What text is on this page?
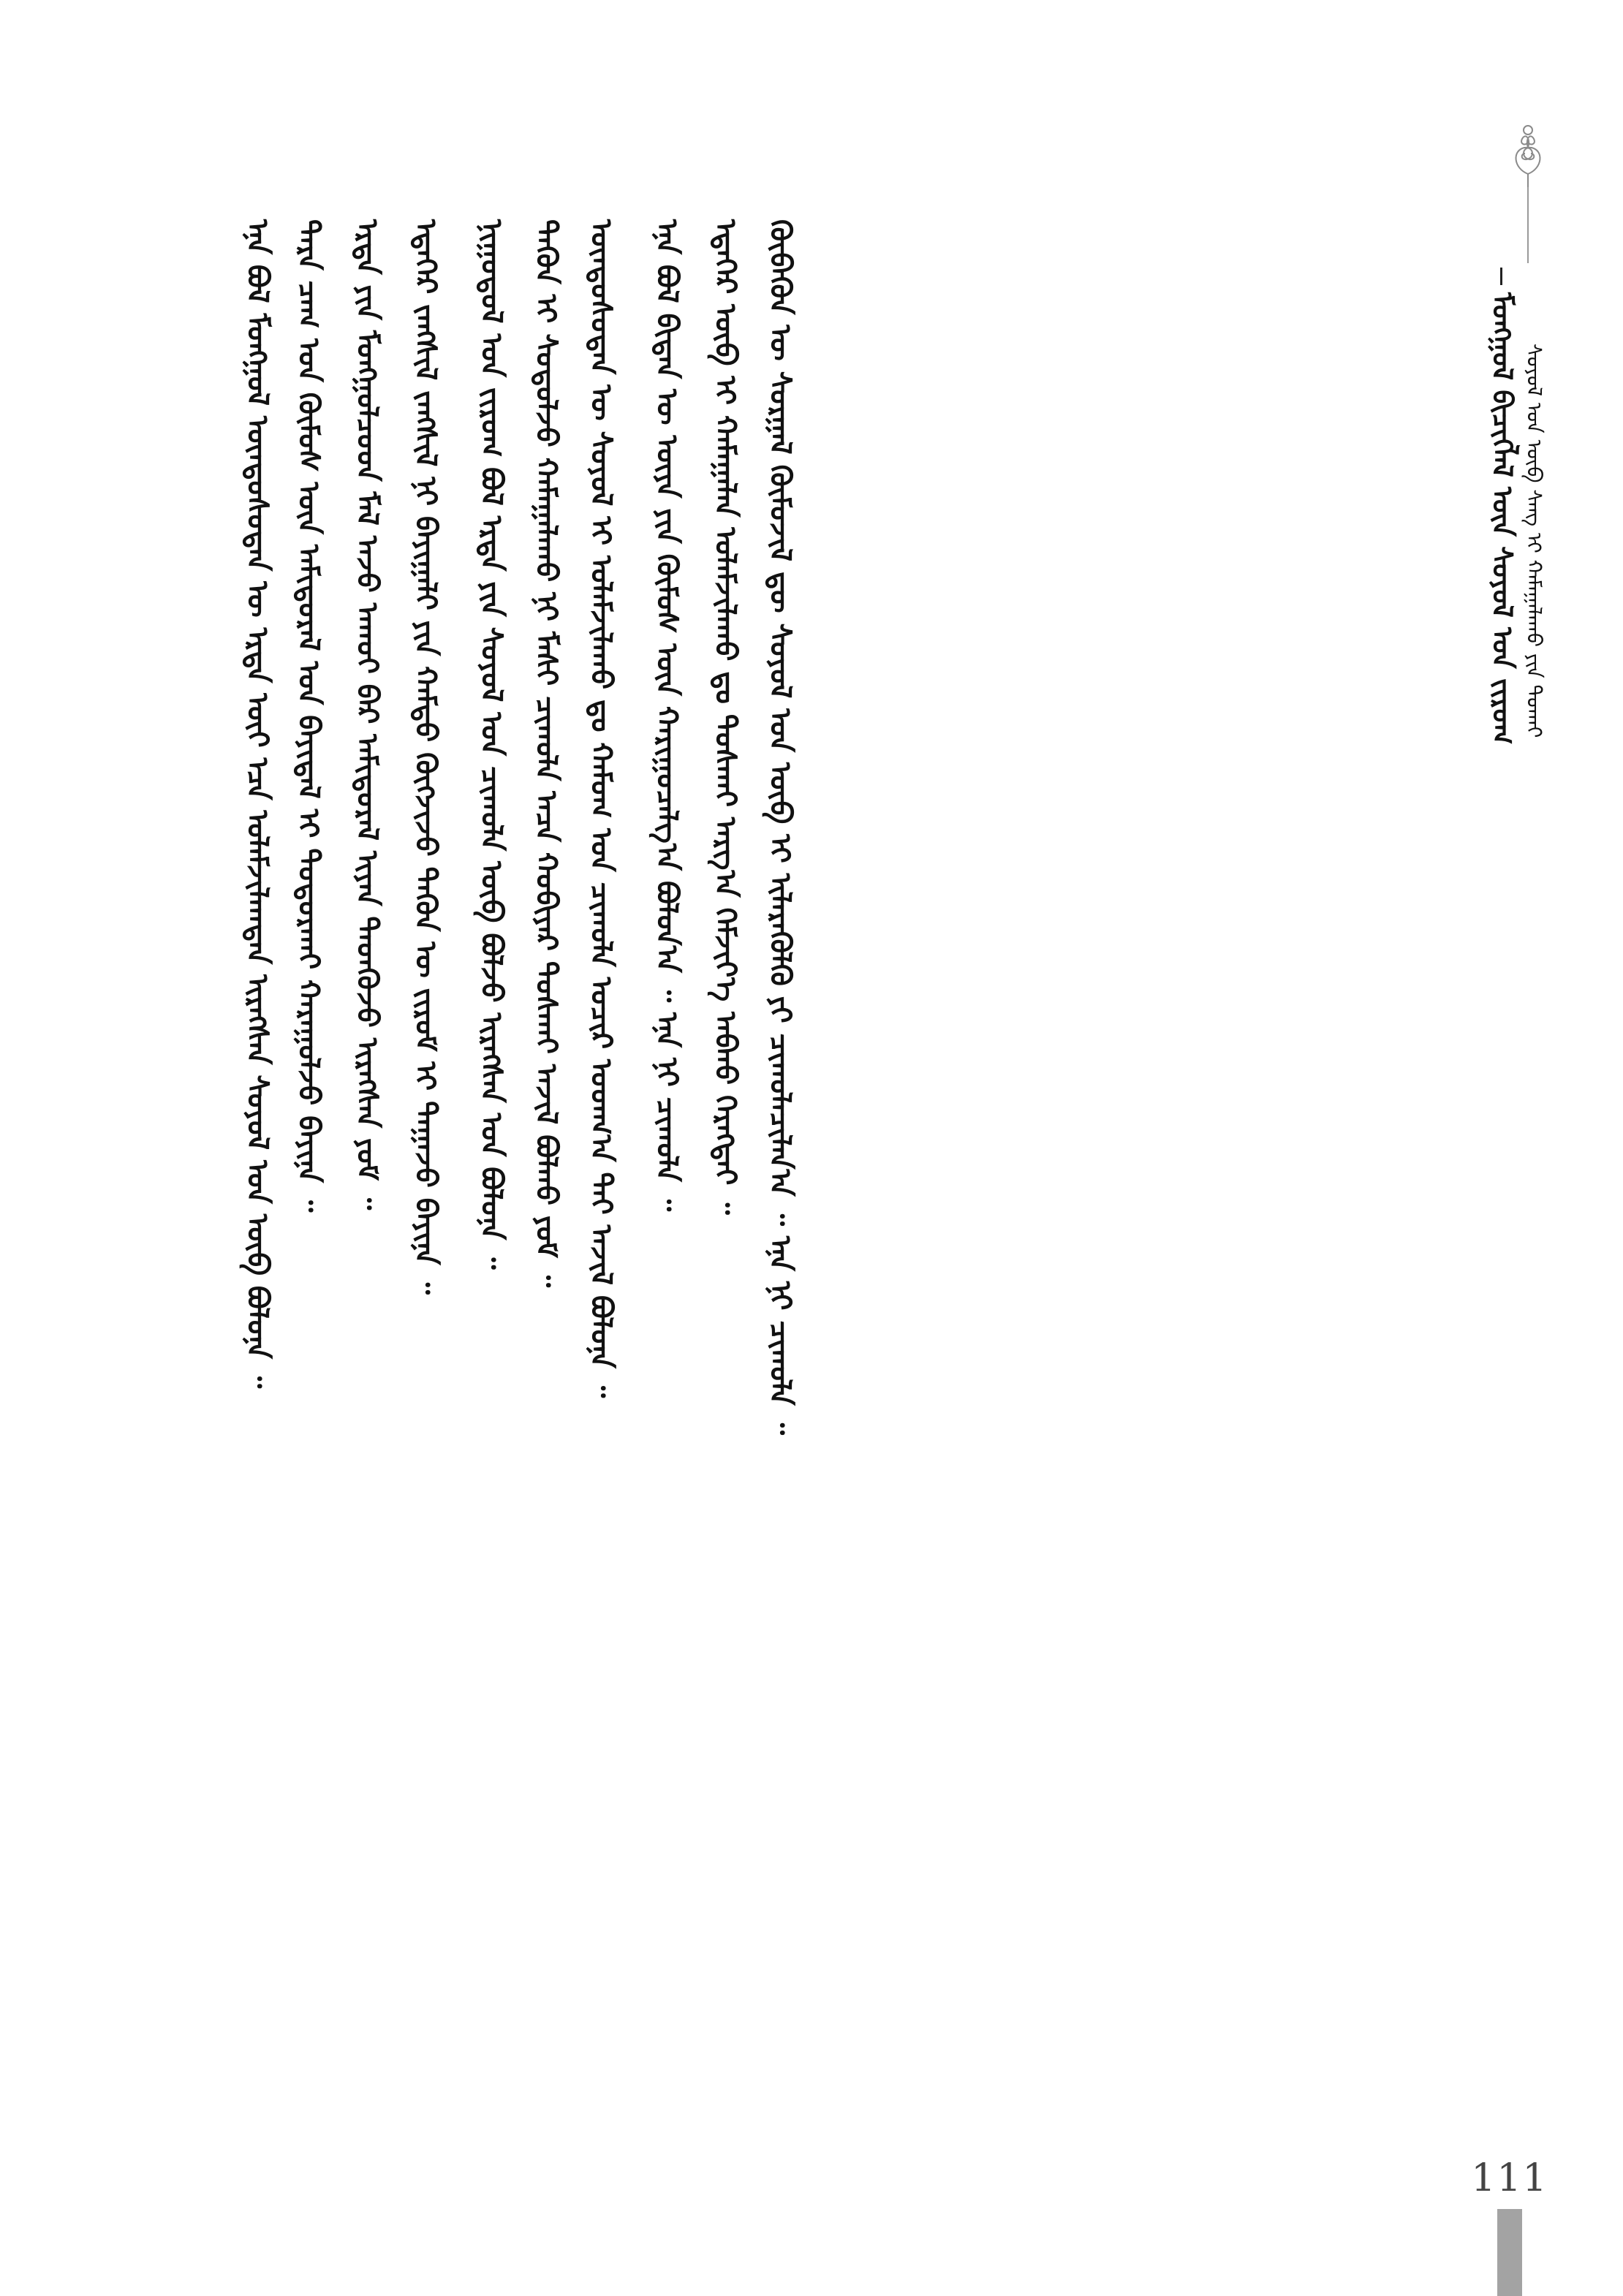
ᠮᠣᠩᠭᠣᠯ ᠪᠢᠴᠢᠭᠯᠡᠯ ᠦᠨ ᠰᠣᠶᠣᠯ ᠤᠨ ᠵᠢᠷᠤᠭ ᠰᠣᠶᠣᠯ ᠤᠨ ᠦᠪ ᠰᠠᠩ ᠢ ᠬᠠᠮᠠᠭᠠᠯᠠᠬᠤ ᠶᠢᠨ ᠲᠤᠬᠠᠢ
ᠡᠨᠡ ᠪᠣᠯ ᠮᠣᠩᠭᠣᠯ ᠦᠨᠳᠦᠰᠦᠲᠡᠨ ᠦ ᠡᠷᠲᠡ ᠦᠶ ᠡᠴᠡ ᠤᠯᠠᠮᠵᠢᠯᠠᠭᠳᠠᠨ ᠢᠷᠡᠭᠰᠡᠨ ᠰᠣᠶᠣᠯ ᠤᠨ ᠦᠪ ᠪᠣᠯᠤᠨᠠ ᠃ ᠲᠡᠷᠡ ᠴᠠᠭ ᠤᠨ ᠬᠦᠮᠦᠰ ᠦᠨ ᠠᠮᠢᠳᠤᠷᠠᠯ ᠤᠨ ᠪᠠᠶᠢᠳᠠᠯ ᠢ ᠲᠣᠳᠣᠷᠬᠠᠢ ᠬᠠᠷᠠᠭᠤᠯᠵᠤ ᠪᠠᠶᠢᠨᠠ ᠃ ᠡᠷᠲᠡ ᠶᠢᠨ ᠮᠣᠩᠭᠣᠯᠴᠤᠳ ᠮᠠᠯ ᠠᠵᠤ ᠠᠬᠤᠢ ᠪᠡᠷ ᠠᠮᠢᠳᠤᠷᠠᠯ ᠢᠶᠠᠨ ᠲᠡᠳᠬᠦᠵᠦ ᠢᠷᠡᠭᠰᠡᠨ ᠶᠤᠮ ᠃ ᠡᠳᠡᠭᠡᠷ ᠵᠠᠩᠱᠢᠯ ᠵᠠᠩᠱᠢᠯ ᠨᠢ ᠪᠠᠶᠢᠭᠠᠯᠢ ᠶᠢᠨ ᠬᠠᠮᠲᠤ ᠬᠥᠭᠵᠢᠵᠦ ᠲᠡᠭᠦᠨ ᠦ ᠵᠢᠷᠤᠮ ᠢ ᠳᠠᠭᠠᠵᠤ ᠪᠠᠶᠢᠨᠠ ᠃ ᠨᠢᠭᠤᠳᠤᠯ ᠤᠨ ᠵᠢᠷᠤᠭ ᠪᠣᠯ ᠡᠷᠲᠡ ᠶᠢᠨ ᠰᠣᠶᠣᠯ ᠤᠨ ᠴᠢᠬᠤᠯᠠ ᠦᠪ ᠪᠣᠯᠵᠤ ᠢᠷᠡᠭᠰᠡᠨ ᠡᠳ ᠪᠣᠯᠤᠨᠠ ᠃ ᠲᠡᠭᠦᠨ ᠢ ᠰᠣᠳᠤᠯᠵᠤ ᠬᠠᠮᠠᠭᠠᠯᠠᠬᠤ ᠨᠢ ᠮᠠᠰᠢ ᠴᠢᠬᠤᠯᠠ ᠠᠴᠠ ᠬᠤᠪᠢᠶᠠᠷ ᠲᠤᠰᠬᠠᠢ ᠠᠵᠢᠯ ᠪᠣᠯᠬᠤ ᠶᠤᠮ ᠃ ᠦᠨᠳᠦᠰᠦᠲᠡᠨ ᠦ ᠰᠣᠶᠣᠯ ᠢ ᠤᠯᠠᠮᠵᠢᠯᠠᠬᠤ ᠳᠤ ᠬᠠᠮᠤᠭ ᠤᠨ ᠴᠢᠬᠤᠯᠠ ᠤᠴᠢᠷ ᠤᠳᠬ᠎ᠠ ᠲᠠᠶ ᠠᠵᠢᠯ ᠪᠣᠯᠤᠨᠠ ᠃ ᠡᠨᠡ ᠪᠣᠯ ᠪᠢᠳᠡᠨ ᠦ ᠦᠶᠡ ᠶᠢᠨ ᠬᠦᠮᠦᠰ ᠦᠨ ᠬᠠᠷᠢᠭᠤᠴᠠᠯᠭ᠎ᠠ ᠪᠣᠯᠤᠨ᠎ᠠ ᠃ ᠡᠨᠡ ᠨᠢ ᠴᠢᠬᠤᠯᠠ ᠃ ᠡᠳᠡᠭᠡᠷ ᠦᠪ ᠢ ᠬᠠᠮᠠᠭᠠᠯᠠᠨ ᠤᠯᠠᠮᠵᠢᠯᠠᠬᠤ ᠳᠤ ᠲᠤᠰᠬᠠᠢ ᠠᠷᠭ᠎ᠠ ᠬᠡᠮᠵᠢᠶ᠎ᠡ ᠠᠪᠬᠤ ᠬᠡᠷᠡᠭᠲᠡᠢ ᠃ ᠬᠥᠪᠡᠭᠦᠨ ᠦ ᠰᠤᠷᠭᠠᠯ ᠬᠦᠮᠦᠵᠢᠯ ᠳᠦ ᠰᠣᠶᠣᠯ ᠤᠨ ᠦᠪ ᠢ ᠢᠯᠡᠷᠡᠭᠦᠯᠬᠦ ᠶᠢ ᠴᠢᠬᠤᠯᠠᠴᠢᠯᠠᠨ᠎ᠠ ᠃ ᠡᠨᠡ ᠨᠢ ᠴᠢᠬᠤᠯᠠ ᠃
111
